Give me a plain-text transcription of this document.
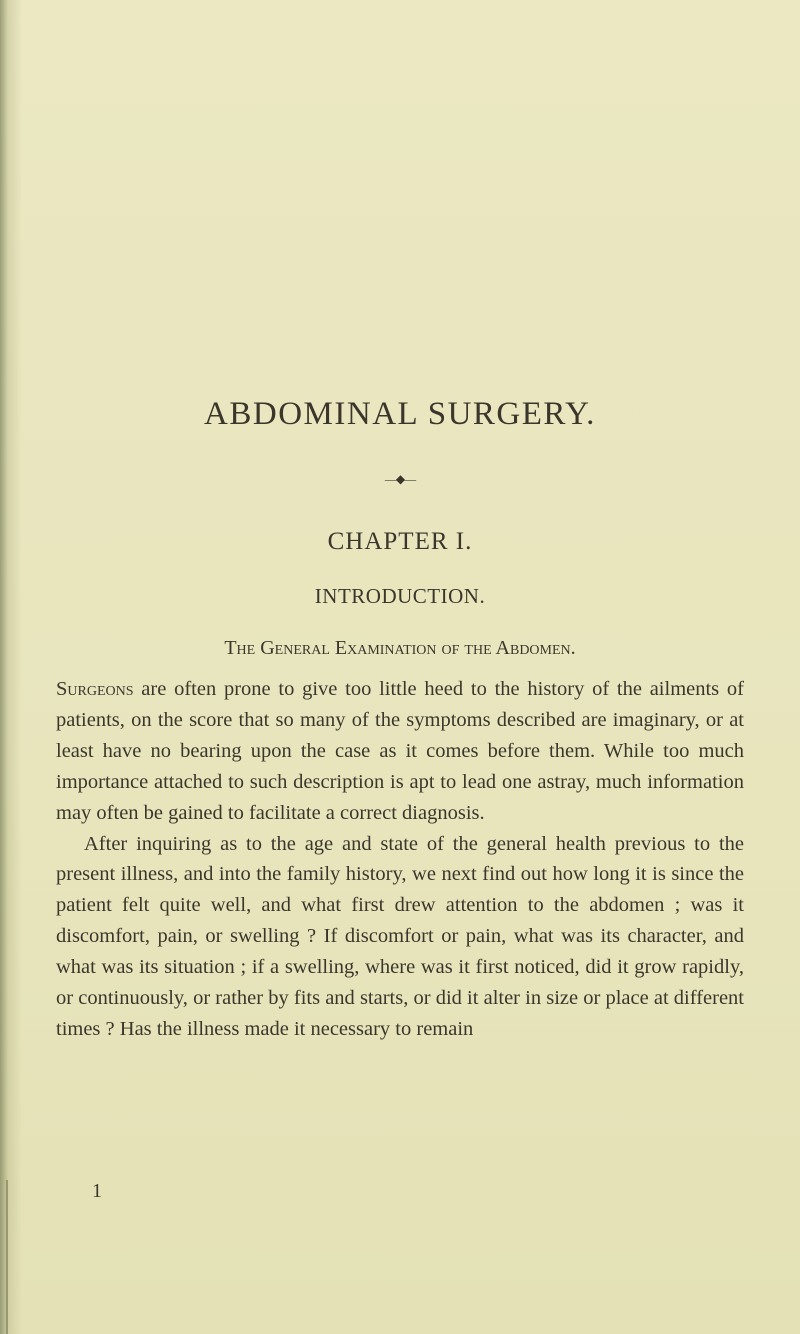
ABDOMINAL SURGERY.
—◆—
CHAPTER I.
INTRODUCTION.
The General Examination of the Abdomen.

Surgeons are often prone to give too little heed to the history of the ailments of patients, on the score that so many of the symptoms described are imaginary, or at least have no bearing upon the case as it comes before them. While too much importance attached to such description is apt to lead one astray, much information may often be gained to facilitate a correct diagnosis.

After inquiring as to the age and state of the general health previous to the present illness, and into the family history, we next find out how long it is since the patient felt quite well, and what first drew attention to the abdomen ; was it discomfort, pain, or swelling ? If discomfort or pain, what was its character, and what was its situation ; if a swelling, where was it first noticed, did it grow rapidly, or continuously, or rather by fits and starts, or did it alter in size or place at different times ? Has the illness made it necessary to remain

1
